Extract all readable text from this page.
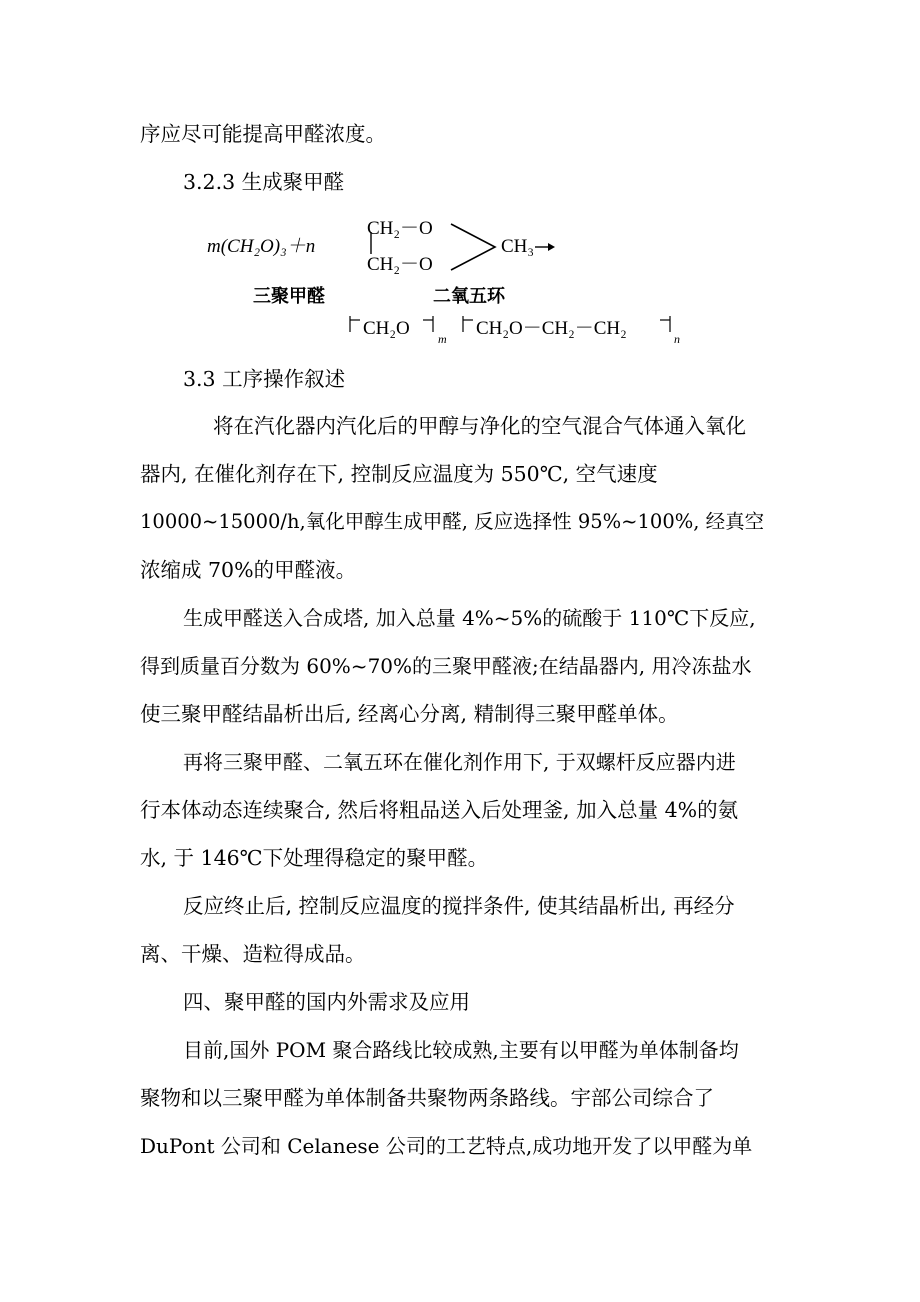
序应尽可能提高甲醛浓度。
3.2.3 生成聚甲醛
m(CH₂O)₃＋n
CH₂－O
CH₂－O
CH₃
三聚甲醛	二氧五环
CH₂O m CH₂O－CH₂－CH₂	n
3.3 工序操作叙述
将在汽化器内汽化后的甲醇与净化的空气混合气体通入氧化
器内, 在催化剂存在下, 控制反应温度为 550℃, 空气速度
10000~15000/h,氧化甲醇生成甲醛, 反应选择性 95%~100%, 经真空
浓缩成 70%的甲醛液。
生成甲醛送入合成塔, 加入总量 4%~5%的硫酸于 110℃下反应,
得到质量百分数为 60%~70%的三聚甲醛液;在结晶器内, 用冷冻盐水
使三聚甲醛结晶析出后, 经离心分离, 精制得三聚甲醛单体。
再将三聚甲醛、二氧五环在催化剂作用下, 于双螺杆反应器内进
行本体动态连续聚合, 然后将粗品送入后处理釜, 加入总量 4%的氨
水, 于 146℃下处理得稳定的聚甲醛。
反应终止后, 控制反应温度的搅拌条件, 使其结晶析出, 再经分
离、干燥、造粒得成品。
四、聚甲醛的国内外需求及应用
目前,国外 POM 聚合路线比较成熟,主要有以甲醛为单体制备均
聚物和以三聚甲醛为单体制备共聚物两条路线。宇部公司综合了
DuPont 公司和 Celanese 公司的工艺特点,成功地开发了以甲醛为单
